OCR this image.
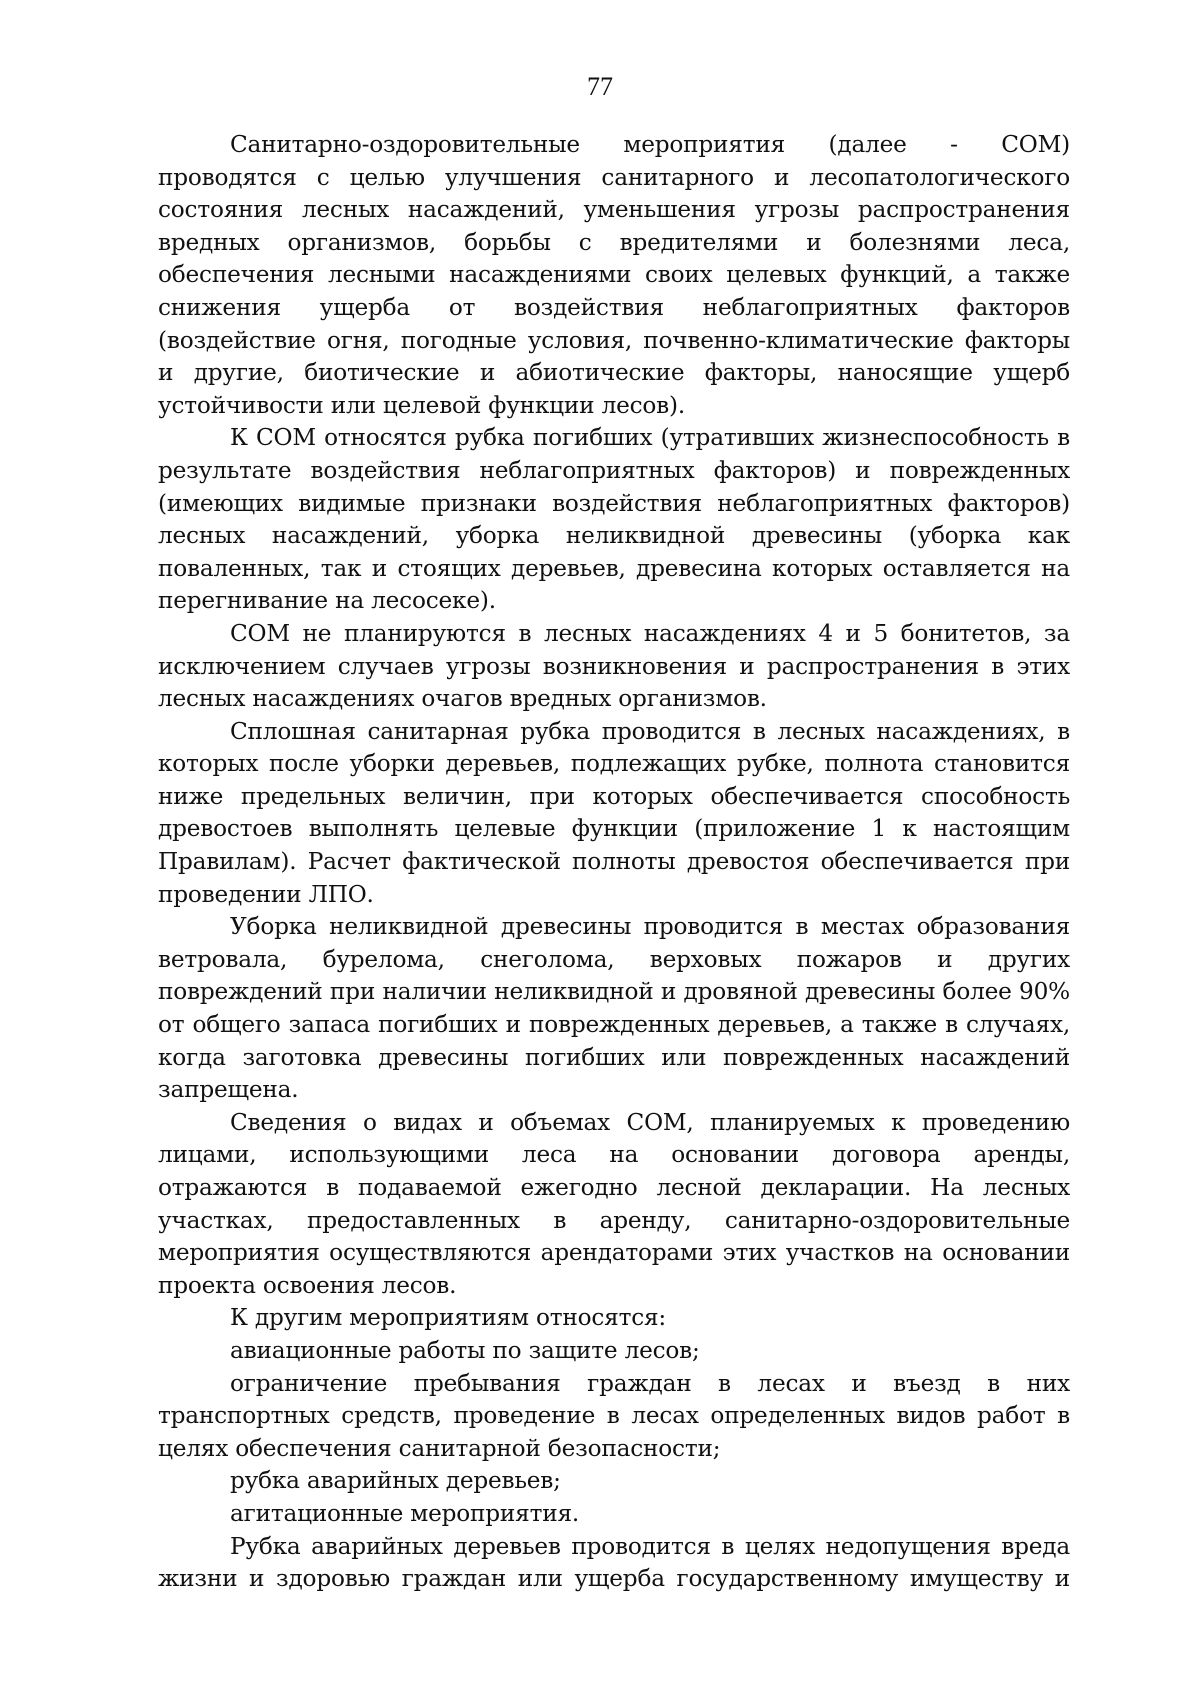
77

Санитарно-оздоровительные мероприятия (далее - СОМ) проводятся с целью улучшения санитарного и лесопатологического состояния лесных насаждений, уменьшения угрозы распространения вредных организмов, борьбы с вредителями и болезнями леса, обеспечения лесными насаждениями своих целевых функций, а также снижения ущерба от воздействия неблагоприятных факторов (воздействие огня, погодные условия, почвенно-климатические факторы и другие, биотические и абиотические факторы, наносящие ущерб устойчивости или целевой функции лесов).

К СОМ относятся рубка погибших (утративших жизнеспособность в результате воздействия неблагоприятных факторов) и поврежденных (имеющих видимые признаки воздействия неблагоприятных факторов) лесных насаждений, уборка неликвидной древесины (уборка как поваленных, так и стоящих деревьев, древесина которых оставляется на перегнивание на лесосеке).

СОМ не планируются в лесных насаждениях 4 и 5 бонитетов, за исключением случаев угрозы возникновения и распространения в этих лесных насаждениях очагов вредных организмов.

Сплошная санитарная рубка проводится в лесных насаждениях, в которых после уборки деревьев, подлежащих рубке, полнота становится ниже предельных величин, при которых обеспечивается способность древостоев выполнять целевые функции (приложение 1 к настоящим Правилам). Расчет фактической полноты древостоя обеспечивается при проведении ЛПО.

Уборка неликвидной древесины проводится в местах образования ветровала, бурелома, снеголома, верховых пожаров и других повреждений при наличии неликвидной и дровяной древесины более 90% от общего запаса погибших и поврежденных деревьев, а также в случаях, когда заготовка древесины погибших или поврежденных насаждений запрещена.

Сведения о видах и объемах СОМ, планируемых к проведению лицами, использующими леса на основании договора аренды, отражаются в подаваемой ежегодно лесной декларации. На лесных участках, предоставленных в аренду, санитарно-оздоровительные мероприятия осуществляются арендаторами этих участков на основании проекта освоения лесов.

К другим мероприятиям относятся:

авиационные работы по защите лесов;

ограничение пребывания граждан в лесах и въезд в них транспортных средств, проведение в лесах определенных видов работ в целях обеспечения санитарной безопасности;

рубка аварийных деревьев;

агитационные мероприятия.

Рубка аварийных деревьев проводится в целях недопущения вреда жизни и здоровью граждан или ущерба государственному имуществу и
